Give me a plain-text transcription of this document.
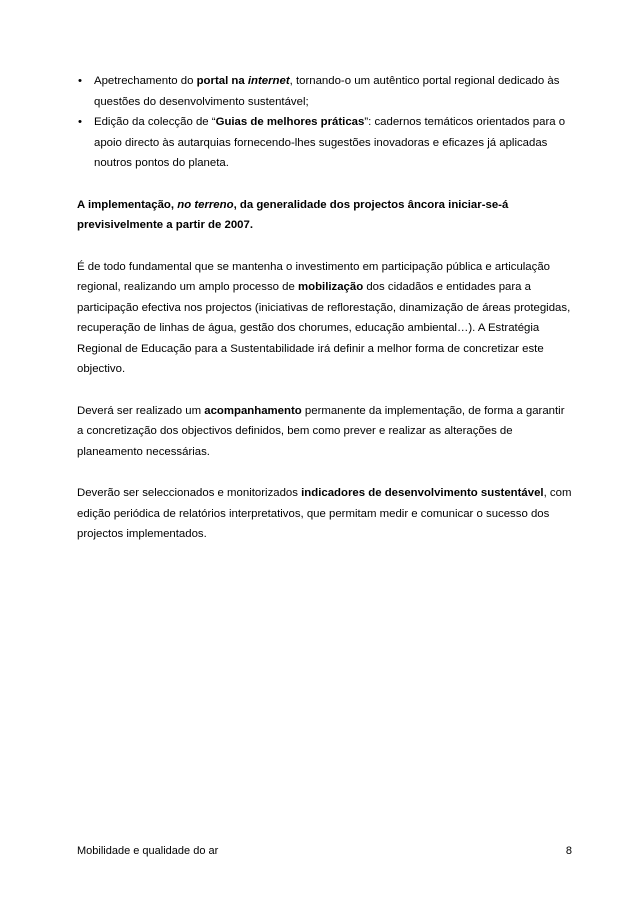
• Apetrechamento do portal na internet, tornando-o um autêntico portal regional dedicado às questões do desenvolvimento sustentável;
• Edição da colecção de “Guias de melhores práticas”: cadernos temáticos orientados para o apoio directo às autarquias fornecendo-lhes sugestões inovadoras e eficazes já aplicadas noutros pontos do planeta.

A implementação, no terreno, da generalidade dos projectos âncora iniciar-se-á previsivelmente a partir de 2007.

É de todo fundamental que se mantenha o investimento em participação pública e articulação regional, realizando um amplo processo de mobilização dos cidadãos e entidades para a participação efectiva nos projectos (iniciativas de reflorestação, dinamização de áreas protegidas, recuperação de linhas de água, gestão dos chorumes, educação ambiental…). A Estratégia Regional de Educação para a Sustentabilidade irá definir a melhor forma de concretizar este objectivo.

Deverá ser realizado um acompanhamento permanente da implementação, de forma a garantir a concretização dos objectivos definidos, bem como prever e realizar as alterações de planeamento necessárias.

Deverão ser seleccionados e monitorizados indicadores de desenvolvimento sustentável, com edição periódica de relatórios interpretativos, que permitam medir e comunicar o sucesso dos projectos implementados.

Mobilidade e qualidade do ar	8
